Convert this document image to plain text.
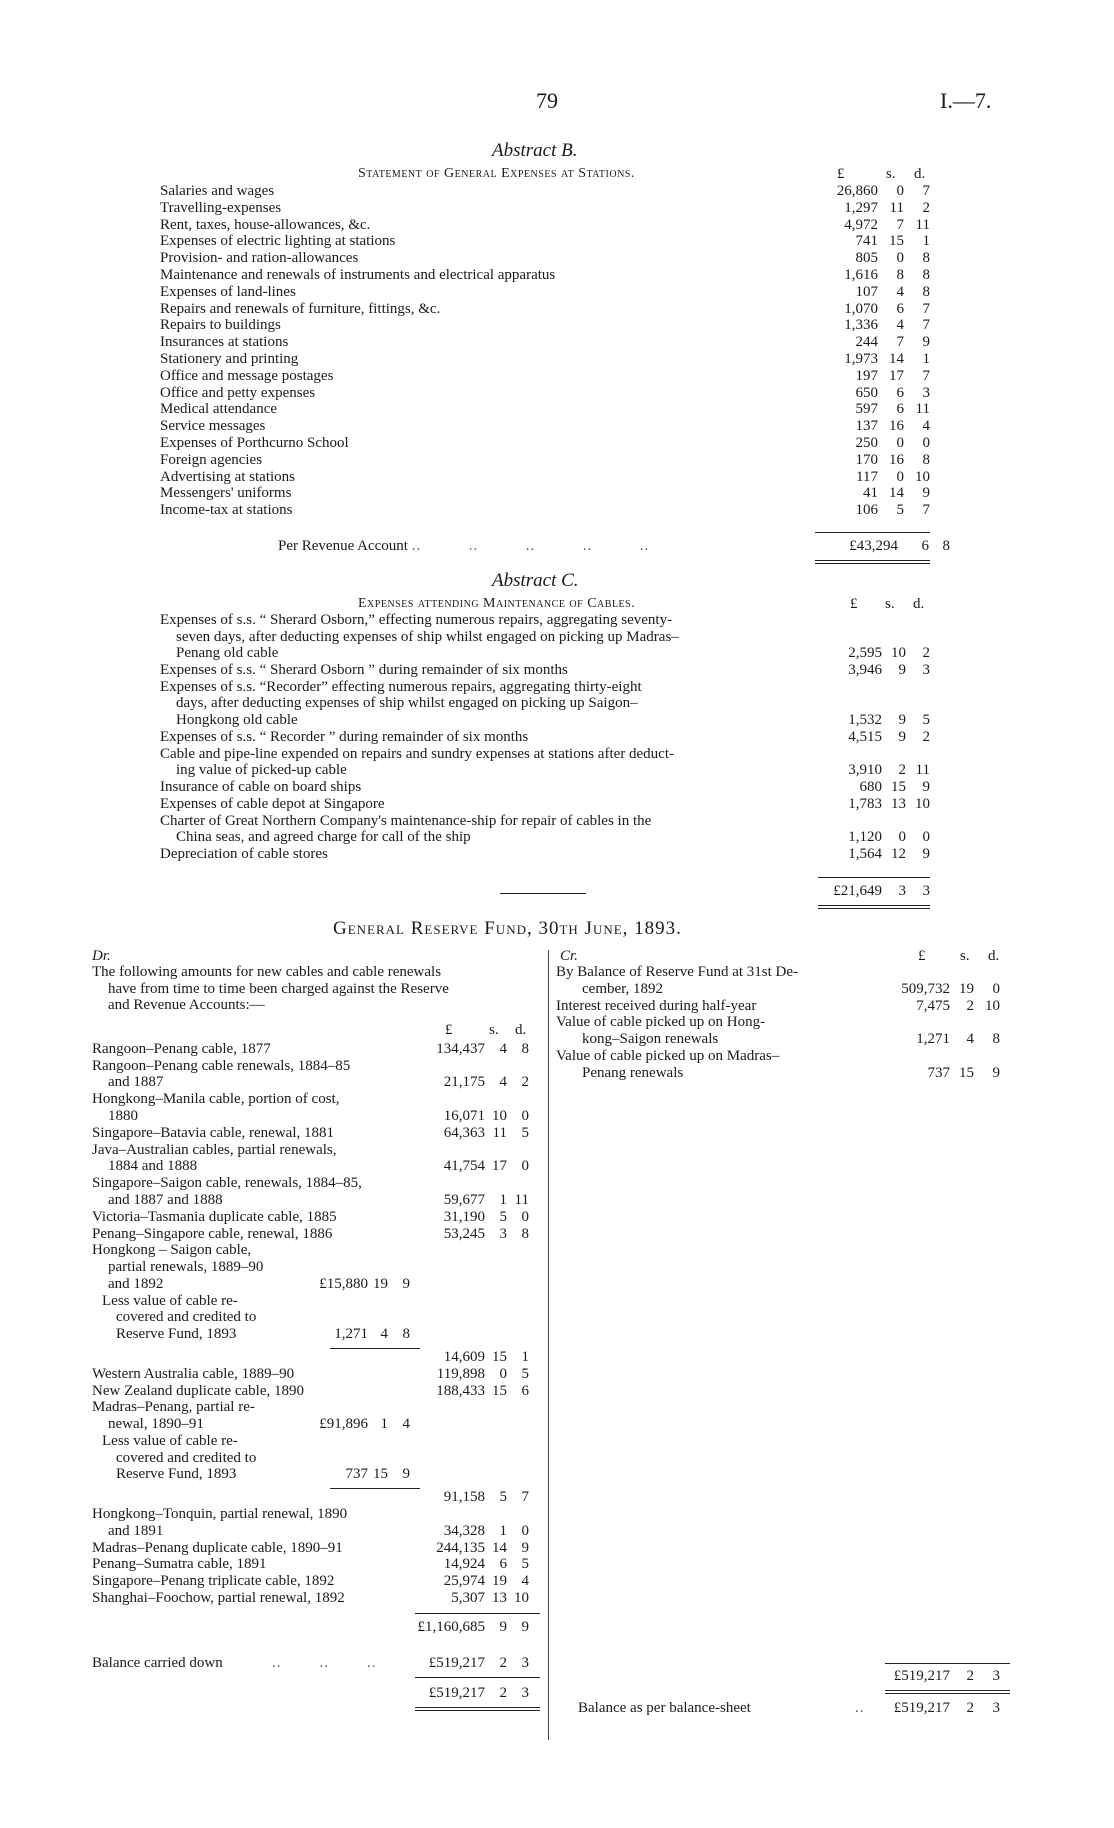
79	I.—7.
Abstract B.
Statement of General Expenses at Stations.	£	s. d.
Salaries and wages	26,860	0	7
Travelling-expenses	1,297 11	2
Rent, taxes, house-allowances, &c.	4,972	7 11
Expenses of electric lighting at stations	741 15	1
Provision- and ration-allowances	805	0	8
Maintenance and renewals of instruments and electrical apparatus	1,616	8	8
Expenses of land-lines	107	4	8
Repairs and renewals of furniture, fittings, &c.	1,070	6	7
Repairs to buildings	1,336	4	7
Insurances at stations	244	7	9
Stationery and printing	1,973 14	1
Office and message postages	197 17	7
Office and petty expenses	650	6	3
Medical attendance	597	6 11
Service messages	137 16	4
Expenses of Porthcurno School	250	0	0
Foreign agencies	170 16	8
Advertising at stations	117	0 10
Messengers' uniforms	41 14	9
Income-tax at stations	106	5	7
Per Revenue Account ..          ..          ..          ..          ..	£43,294	6 8
Abstract C.
Expenses attending Maintenance of Cables.	£ s. d.
Expenses of s.s. “ Sherard Osborn,” effecting numerous repairs, aggregating seventy-
seven days, after deducting expenses of ship whilst engaged on picking up Madras–
Penang old cable	2,595 10	2
Expenses of s.s. “ Sherard Osborn ” during remainder of six months	3,946	9	3
Expenses of s.s. “Recorder” effecting numerous repairs, aggregating thirty-eight
days, after deducting expenses of ship whilst engaged on picking up Saigon–
Hongkong old cable	1,532	9	5
Expenses of s.s. “ Recorder ” during remainder of six months	4,515	9	2
Cable and pipe-line expended on repairs and sundry expenses at stations after deduct-
ing value of picked-up cable	3,910	2 11
Insurance of cable on board ships	680 15	9
Expenses of cable depot at Singapore	1,783 13 10
Charter of Great Northern Company's maintenance-ship for repair of cables in the
China seas, and agreed charge for call of the ship	1,120	0	0
Depreciation of cable stores	1,564 12	9
£21,649	3	3
General Reserve Fund, 30th June, 1893.
Dr.	Cr.	£ s. d.
The following amounts for new cables and cable renewals
have from time to time been charged against the Reserve
and Revenue Accounts:—
£ s. d.
Rangoon–Penang cable, 1877	134,437 4 8
Rangoon–Penang cable renewals, 1884–85
and 1887	21,175 4 2
Hongkong–Manila cable, portion of cost,
1880	16,071 10 0
Singapore–Batavia cable, renewal, 1881	64,363 11 5
Java–Australian cables, partial renewals,
1884 and 1888	41,754 17 0
Singapore–Saigon cable, renewals, 1884–85,
and 1887 and 1888	59,677 1 11
Victoria–Tasmania duplicate cable, 1885	31,190 5 0
Penang–Singapore cable, renewal, 1886	53,245 3 8
Hongkong – Saigon cable,
partial renewals, 1889–90
and 1892	£15,880 19 9
Less value of cable re-
covered and credited to
Reserve Fund, 1893	1,271 4 8
14,609 15 1
Western Australia cable, 1889–90	119,898 0 5
New Zealand duplicate cable, 1890	188,433 15 6
Madras–Penang, partial re-
newal, 1890–91	£91,896 1 4
Less value of cable re-
covered and credited to
Reserve Fund, 1893	737 15 9
91,158 5 7
Hongkong–Tonquin, partial renewal, 1890
and 1891	34,328 1 0
Madras–Penang duplicate cable, 1890–91	244,135 14 9
Penang–Sumatra cable, 1891	14,924 6 5
Singapore–Penang triplicate cable, 1892	25,974 19 4
Shanghai–Foochow, partial renewal, 1892	5,307 13 10
£1,160,685 9 9
Balance carried down	..        ..        ..	£519,217 2 3
£519,217 2 3
By Balance of Reserve Fund at 31st De-
cember, 1892	509,732 19	0
Interest received during half-year	7,475	2 10
Value of cable picked up on Hong-
kong–Saigon renewals	1,271	4	8
Value of cable picked up on Madras–
Penang renewals	737 15	9
£519,217	2	3
Balance as per balance-sheet	..	£519,217	2	3
